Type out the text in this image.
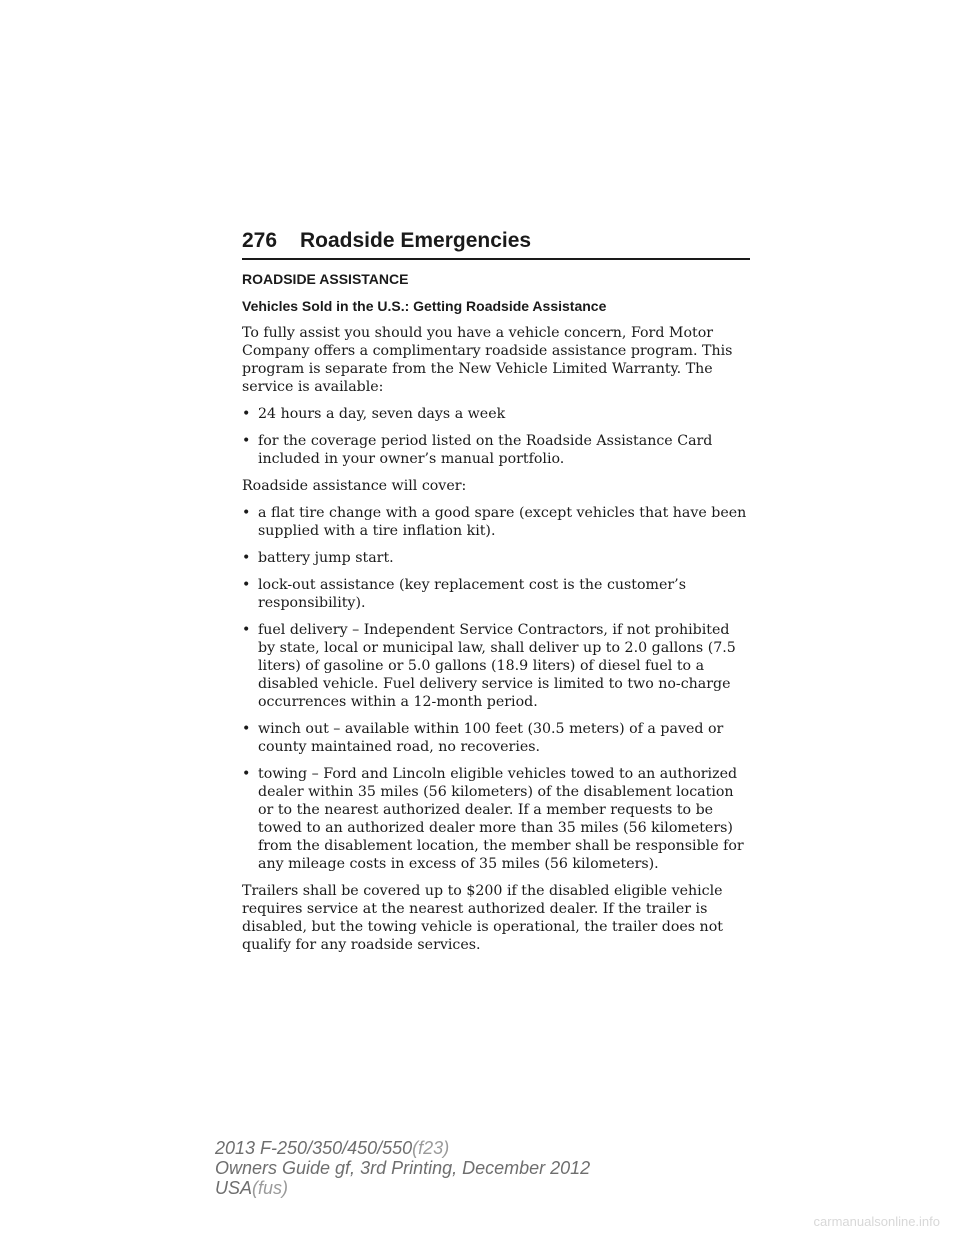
276 Roadside Emergencies

ROADSIDE ASSISTANCE

Vehicles Sold in the U.S.: Getting Roadside Assistance

To fully assist you should you have a vehicle concern, Ford Motor Company offers a complimentary roadside assistance program. This program is separate from the New Vehicle Limited Warranty. The service is available:

• 24 hours a day, seven days a week
• for the coverage period listed on the Roadside Assistance Card included in your owner’s manual portfolio.

Roadside assistance will cover:

• a flat tire change with a good spare (except vehicles that have been supplied with a tire inflation kit).
• battery jump start.
• lock-out assistance (key replacement cost is the customer’s responsibility).
• fuel delivery – Independent Service Contractors, if not prohibited by state, local or municipal law, shall deliver up to 2.0 gallons (7.5 liters) of gasoline or 5.0 gallons (18.9 liters) of diesel fuel to a disabled vehicle. Fuel delivery service is limited to two no-charge occurrences within a 12-month period.
• winch out – available within 100 feet (30.5 meters) of a paved or county maintained road, no recoveries.
• towing – Ford and Lincoln eligible vehicles towed to an authorized dealer within 35 miles (56 kilometers) of the disablement location or to the nearest authorized dealer. If a member requests to be towed to an authorized dealer more than 35 miles (56 kilometers) from the disablement location, the member shall be responsible for any mileage costs in excess of 35 miles (56 kilometers).

Trailers shall be covered up to $200 if the disabled eligible vehicle requires service at the nearest authorized dealer. If the trailer is disabled, but the towing vehicle is operational, the trailer does not qualify for any roadside services.

2013 F-250/350/450/550(f23)
Owners Guide gf, 3rd Printing, December 2012
USA(fus)
carmanualsonline.info
